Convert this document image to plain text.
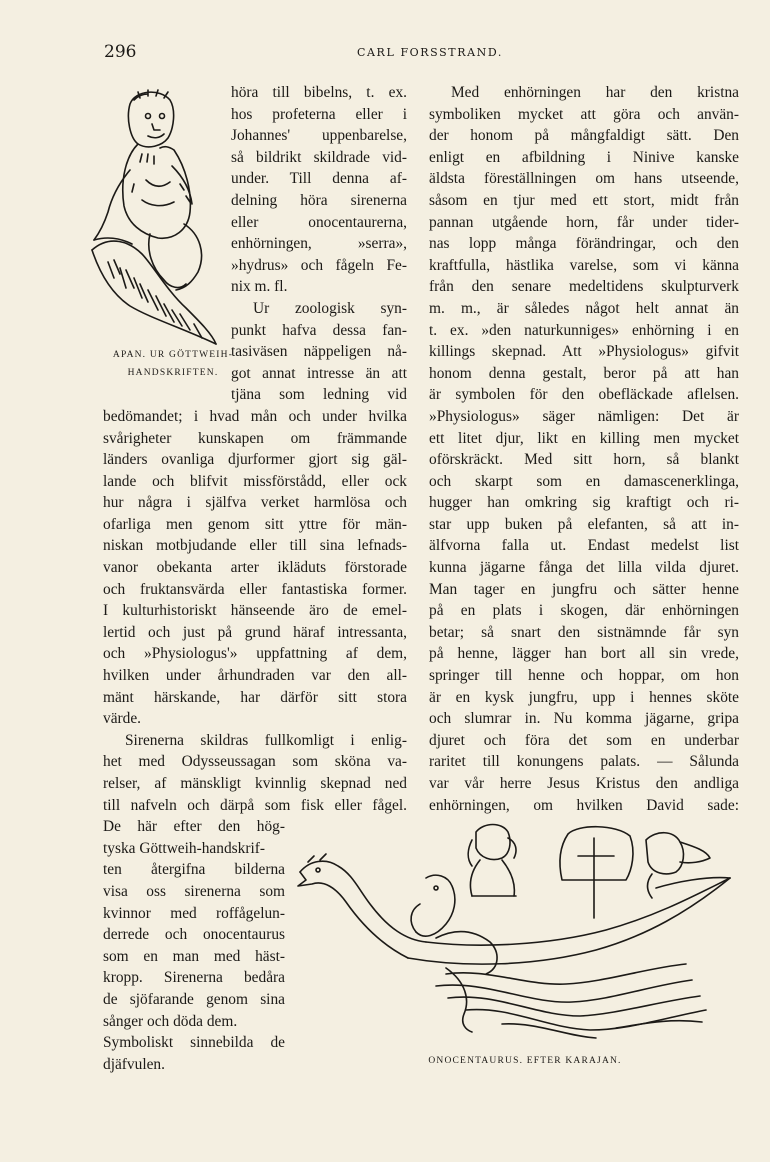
296	CARL FORSSTRAND.
APAN. UR GÖTTWEIH-HANDSKRIFTEN.
höra till bibelns, t. ex.
hos profeterna eller i
Johannes' uppenbarelse,
så bildrikt skildrade vid-
under. Till denna af-
delning höra sirenerna
eller onocentaurerna,
enhörningen, »serra»,
»hydrus» och fågeln Fe-
nix m. fl.
Ur zoologisk syn-
punkt hafva dessa fan-
tasiväsen näppeligen nå-
got annat intresse än att
tjäna som ledning vid
bedömandet; i hvad mån och under hvilka
svårigheter kunskapen om främmande
länders ovanliga djurformer gjort sig gäl-
lande och blifvit missförstådd, eller ock
hur några i själfva verket harmlösa och
ofarliga men genom sitt yttre för män-
niskan motbjudande eller till sina lefnads-
vanor obekanta arter ikläduts förstorade
och fruktansvärda eller fantastiska former.
I kulturhistoriskt hänseende äro de emel-
lertid och just på grund häraf intressanta,
och »Physiologus'» uppfattning af dem,
hvilken under århundraden var den all-
mänt härskande, har därför sitt stora
värde.
Sirenerna skildras fullkomligt i enlig-
het med Odysseussagan som sköna va-
relser, af mänskligt kvinnlig skepnad ned
till nafveln och därpå som fisk eller fågel.
De här efter den hög-
tyska Göttweih-handskrif-
ten återgifna bilderna
visa oss sirenerna som
kvinnor med roffågelun-
derrede och onocentaurus
som en man med häst-
kropp. Sirenerna bedåra
de sjöfarande genom sina
sånger och döda dem.
Symboliskt sinnebilda de
djäfvulen.
Med enhörningen har den kristna
symboliken mycket att göra och använ-
der honom på mångfaldigt sätt. Den
enligt en afbildning i Ninive kanske
äldsta föreställningen om hans utseende,
såsom en tjur med ett stort, midt från
pannan utgående horn, får under tider-
nas lopp många förändringar, och den
kraftfulla, hästlika varelse, som vi känna
från den senare medeltidens skulpturverk
m. m., är således något helt annat än
t. ex. »den naturkunniges» enhörning i en
killings skepnad. Att »Physiologus» gifvit
honom denna gestalt, beror på att han
är symbolen för den obefläckade aflelsen.
»Physiologus» säger nämligen: Det är
ett litet djur, likt en killing men mycket
oförskräckt. Med sitt horn, så blankt
och skarpt som en damascenerklinga,
hugger han omkring sig kraftigt och ri-
star upp buken på elefanten, så att in-
älfvorna falla ut. Endast medelst list
kunna jägarne fånga det lilla vilda djuret.
Man tager en jungfru och sätter henne
på en plats i skogen, där enhörningen
betar; så snart den sistnämnde får syn
på henne, lägger han bort all sin vrede,
springer till henne och hoppar, om hon
är en kysk jungfru, upp i hennes sköte
och slumrar in. Nu komma jägarne, gripa
djuret och föra det som en underbar
raritet till konungens palats. — Sålunda
var vår herre Jesus Kristus den andliga
enhörningen, om hvilken David sade:
ONOCENTAURUS. EFTER KARAJAN.
